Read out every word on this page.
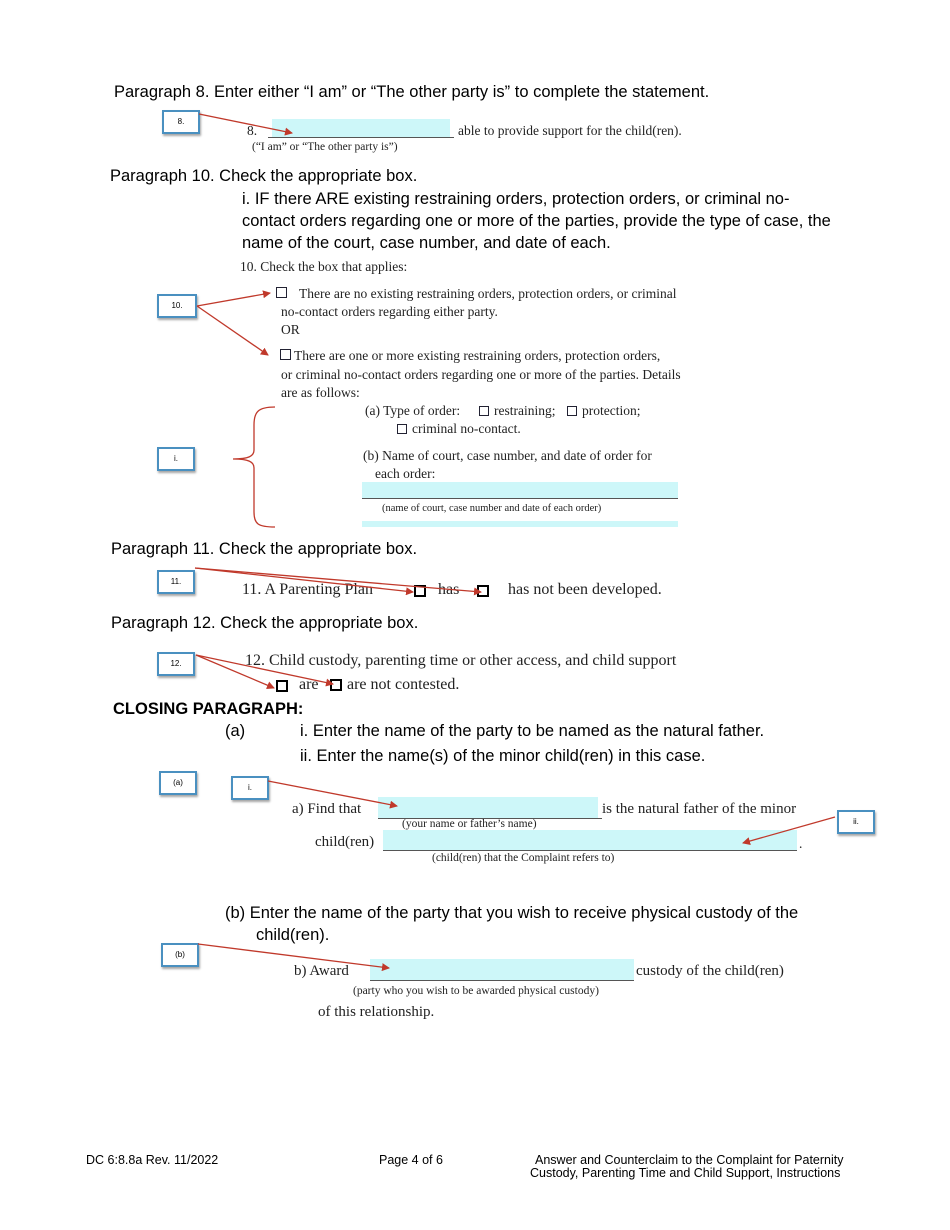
Paragraph 8. Enter either “I am” or “The other party is” to complete the statement.
8.
8.	able to provide support for the child(ren).
(“I am” or “The other party is”)
Paragraph 10. Check the appropriate box.
i. IF there ARE existing restraining orders, protection orders, or criminal no-
contact orders regarding one or more of the parties, provide the type of case, the
name of the court, case number, and date of each.
10. Check the box that applies:
10.
There are no existing restraining orders, protection orders, or criminal
no-contact orders regarding either party.
OR
There are one or more existing restraining orders, protection orders,
or criminal no-contact orders regarding one or more of the parties. Details
are as follows:
(a) Type of order:	restraining; protection;
criminal no-contact.
i.	(b) Name of court, case number, and date of order for
each order:
(name of court, case number and date of each order)
Paragraph 11. Check the appropriate box.
11.	11. A Parenting Plan	has	has not been developed.
Paragraph 12. Check the appropriate box.
12.	12. Child custody, parenting time or other access, and child support
are are not contested.
CLOSING PARAGRAPH:
(a)	i. Enter the name of the party to be named as the natural father.
ii. Enter the name(s) of the minor child(ren) in this case.
(a)
i.
ii.
a) Find that	is the natural father of the minor
(your name or father’s name)
child(ren)	.
(child(ren) that the Complaint refers to)
(b) Enter the name of the party that you wish to receive physical custody of the
child(ren).
(b)
b) Award	custody of the child(ren)
(party who you wish to be awarded physical custody)
of this relationship.
DC 6:8.8a Rev. 11/2022	Page 4 of 6	Answer and Counterclaim to the Complaint for Paternity
Custody, Parenting Time and Child Support, Instructions
